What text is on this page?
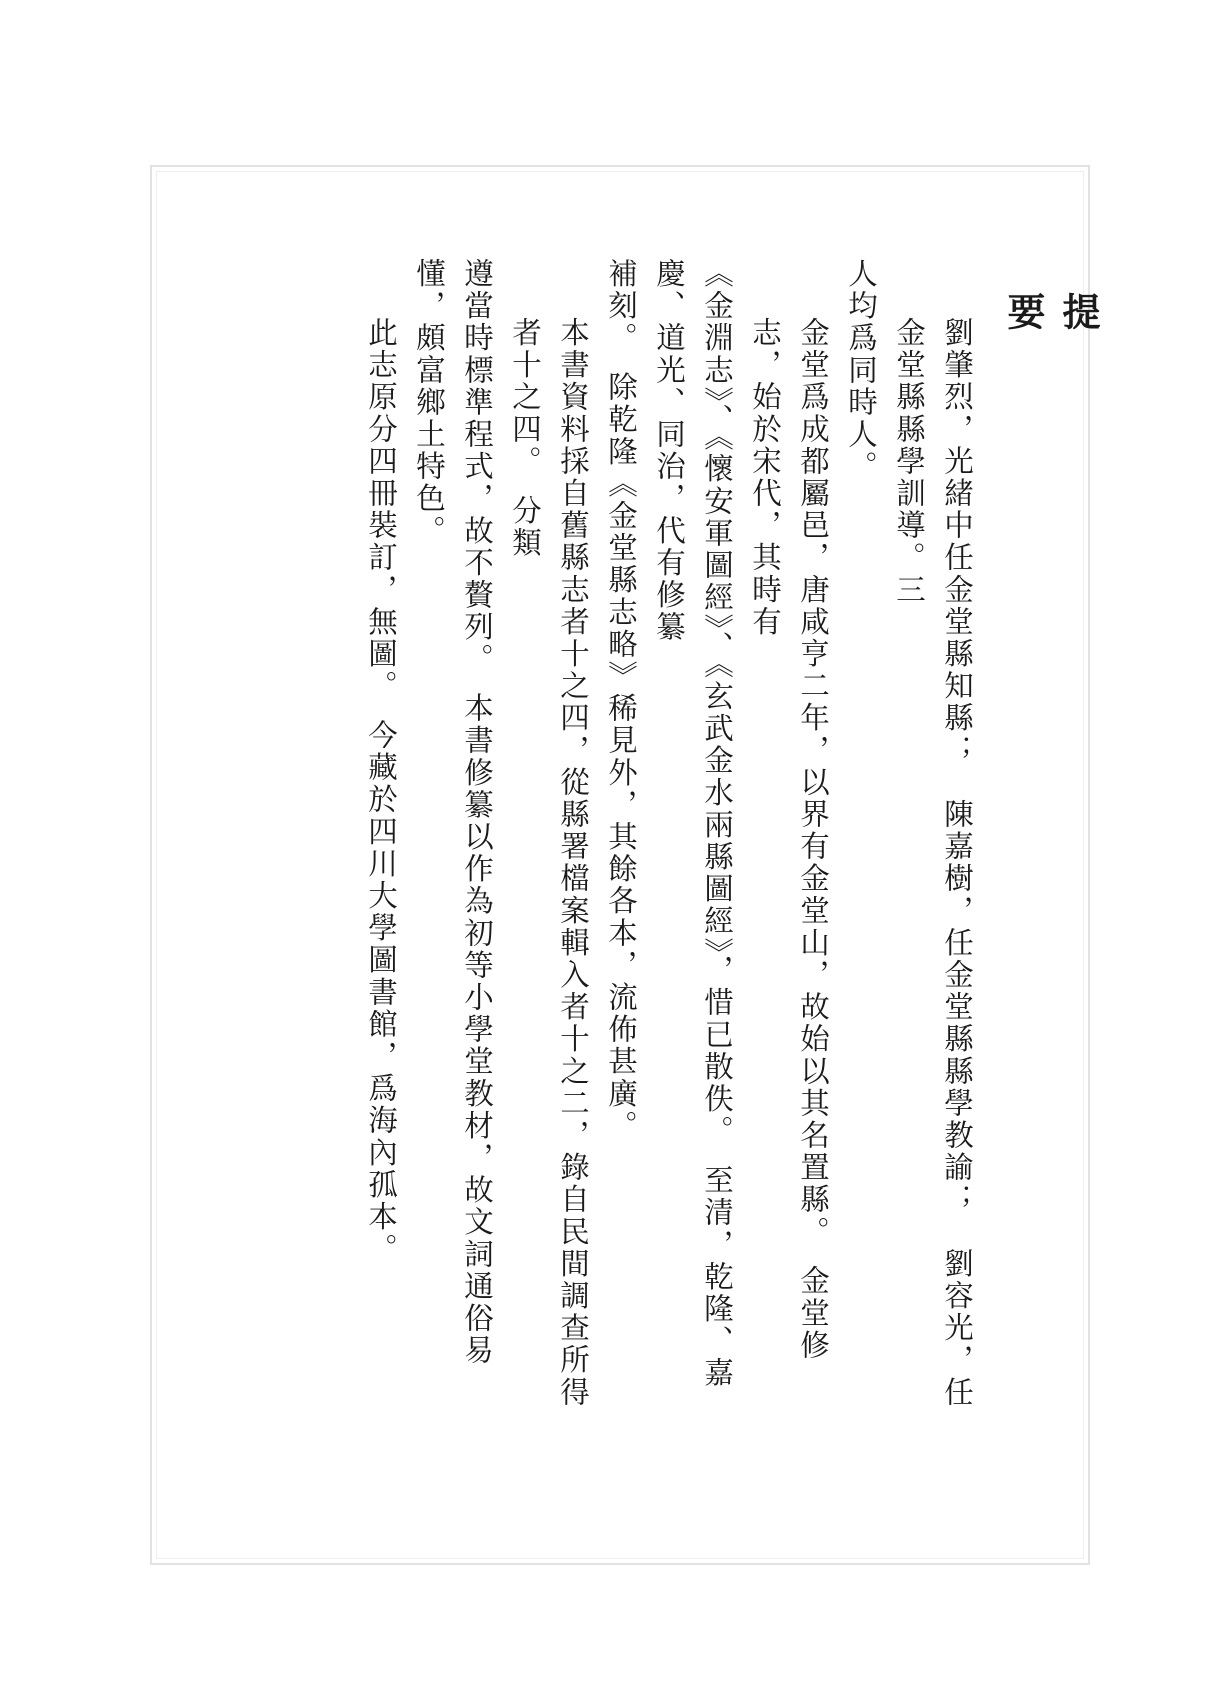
提
要

劉肇烈，光緒中任金堂縣知縣；　陳嘉樹，任金堂縣縣學教諭；　劉容光，任金堂縣縣學訓導。三

人均爲同時人。

金堂爲成都屬邑，唐咸亨二年，以界有金堂山，故始以其名置縣。　金堂修志，始於宋代，其時有

《金淵志》、《懷安軍圖經》、《玄武金水兩縣圖經》，惜已散佚。　至清，乾隆、嘉慶、道光、同治，代有修纂

補刻。　除乾隆《金堂縣志略》稀見外，其餘各本，流佈甚廣。

本書資料採自舊縣志者十之四，從縣署檔案輯入者十之二，錄自民間調查所得者十之四。　分類

遵當時標準程式，故不贅列。　本書修纂以作為初等小學堂教材，故文詞通俗易懂，頗富鄉土特色。

此志原分四冊裝訂，無圖。　今藏於四川大學圖書館，爲海內孤本。
